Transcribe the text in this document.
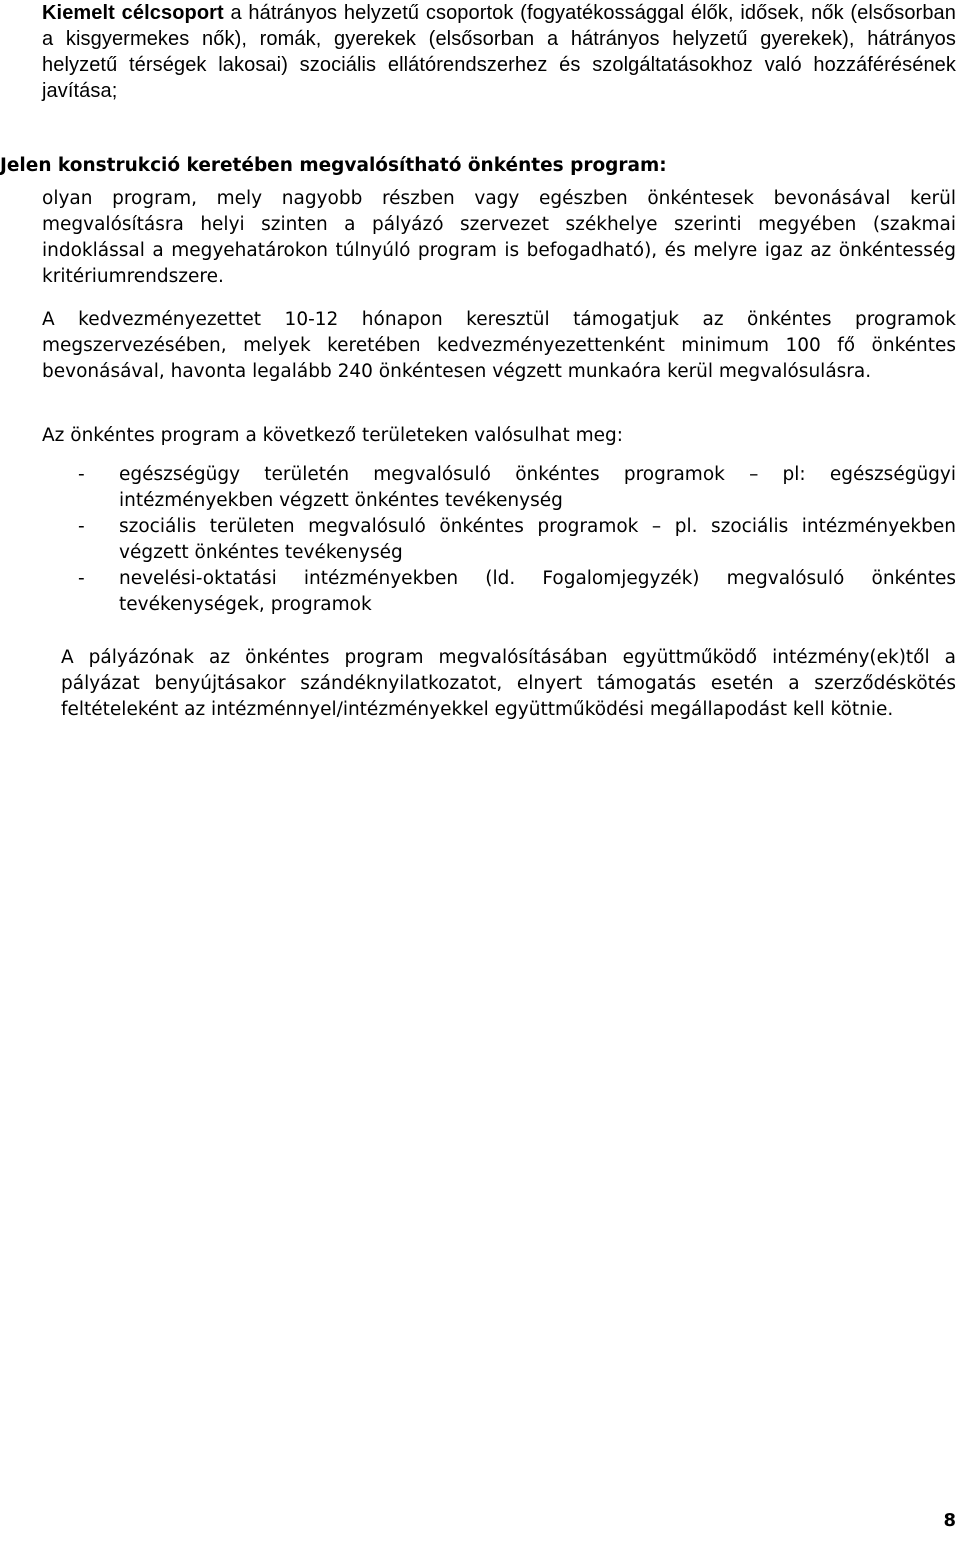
Kiemelt célcsoport a hátrányos helyzetű csoportok (fogyatékossággal élők, idősek, nők (elsősorban a kisgyermekes nők), romák, gyerekek (elsősorban a hátrányos helyzetű gyerekek), hátrányos helyzetű térségek lakosai) szociális ellátórendszerhez és szolgáltatásokhoz való hozzáférésének javítása;
Jelen konstrukció keretében megvalósítható önkéntes program:
olyan program, mely nagyobb részben vagy egészben önkéntesek bevonásával kerül megvalósításra helyi szinten a pályázó szervezet székhelye szerinti megyében (szakmai indoklással a megyehatárokon túlnyúló program is befogadható), és melyre igaz az önkéntesség kritériumrendszere.
A kedvezményezettet 10-12 hónapon keresztül támogatjuk az önkéntes programok megszervezésében, melyek keretében kedvezményezettenként minimum 100 fő önkéntes bevonásával, havonta legalább 240 önkéntesen végzett munkaóra kerül megvalósulásra.
Az önkéntes program a következő területeken valósulhat meg:
- egészségügy területén megvalósuló önkéntes programok – pl: egészségügyi intézményekben végzett önkéntes tevékenység
- szociális területen megvalósuló önkéntes programok – pl. szociális intézményekben végzett önkéntes tevékenység
- nevelési-oktatási intézményekben (ld. Fogalomjegyzék) megvalósuló önkéntes tevékenységek, programok
A pályázónak az önkéntes program megvalósításában együttműködő intézmény(ek)től a pályázat benyújtásakor szándéknyilatkozatot, elnyert támogatás esetén a szerződéskötés feltételeként az intézménnyel/intézményekkel együttműködési megállapodást kell kötnie.
8
